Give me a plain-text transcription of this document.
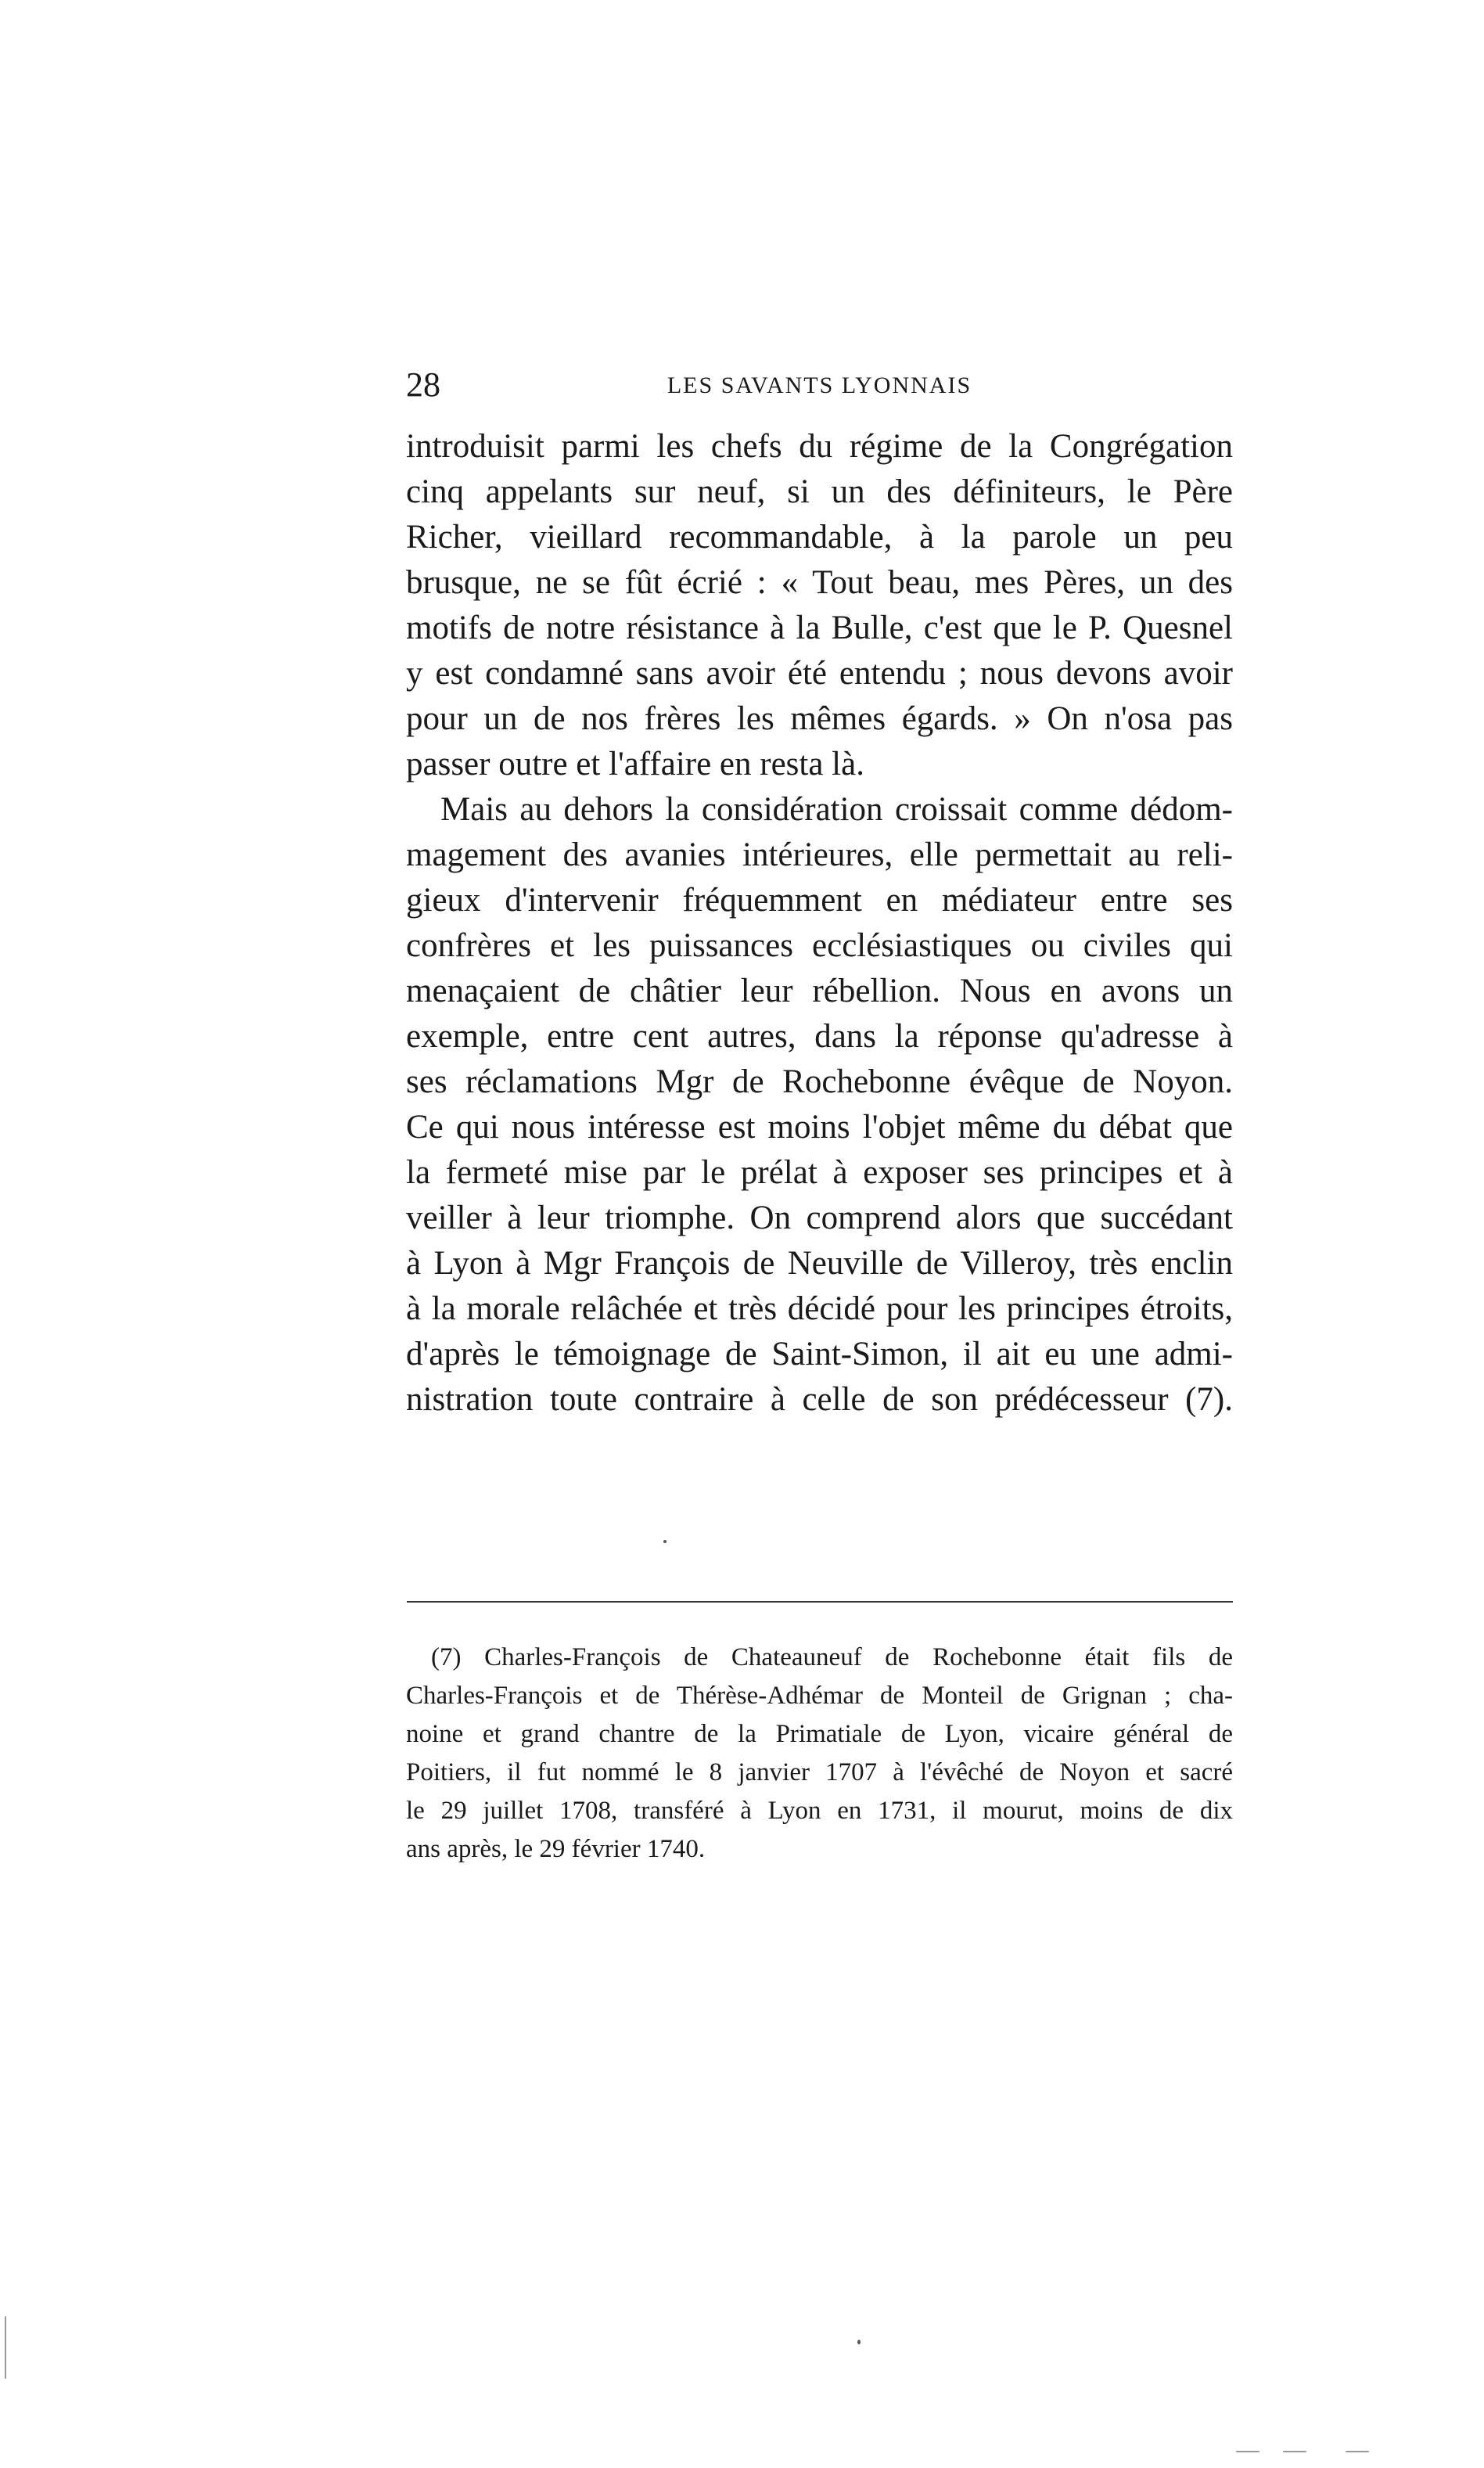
28	LES SAVANTS LYONNAIS
introduisit parmi les chefs du régime de la Congrégation
cinq appelants sur neuf, si un des définiteurs, le Père
Richer, vieillard recommandable, à la parole un peu
brusque, ne se fût écrié : « Tout beau, mes Pères, un des
motifs de notre résistance à la Bulle, c'est que le P. Quesnel
y est condamné sans avoir été entendu ; nous devons avoir
pour un de nos frères les mêmes égards. » On n'osa pas
passer outre et l'affaire en resta là.
Mais au dehors la considération croissait comme dédom-
magement des avanies intérieures, elle permettait au reli-
gieux d'intervenir fréquemment en médiateur entre ses
confrères et les puissances ecclésiastiques ou civiles qui
menaçaient de châtier leur rébellion. Nous en avons un
exemple, entre cent autres, dans la réponse qu'adresse à
ses réclamations Mgr de Rochebonne évêque de Noyon.
Ce qui nous intéresse est moins l'objet même du débat que
la fermeté mise par le prélat à exposer ses principes et à
veiller à leur triomphe. On comprend alors que succédant
à Lyon à Mgr François de Neuville de Villeroy, très enclin
à la morale relâchée et très décidé pour les principes étroits,
d'après le témoignage de Saint-Simon, il ait eu une admi-
nistration toute contraire à celle de son prédécesseur (7).
(7) Charles-François de Chateauneuf de Rochebonne était fils de
Charles-François et de Thérèse-Adhémar de Monteil de Grignan ; cha-
noine et grand chantre de la Primatiale de Lyon, vicaire général de
Poitiers, il fut nommé le 8 janvier 1707 à l'évêché de Noyon et sacré
le 29 juillet 1708, transféré à Lyon en 1731, il mourut, moins de dix
ans après, le 29 février 1740.
